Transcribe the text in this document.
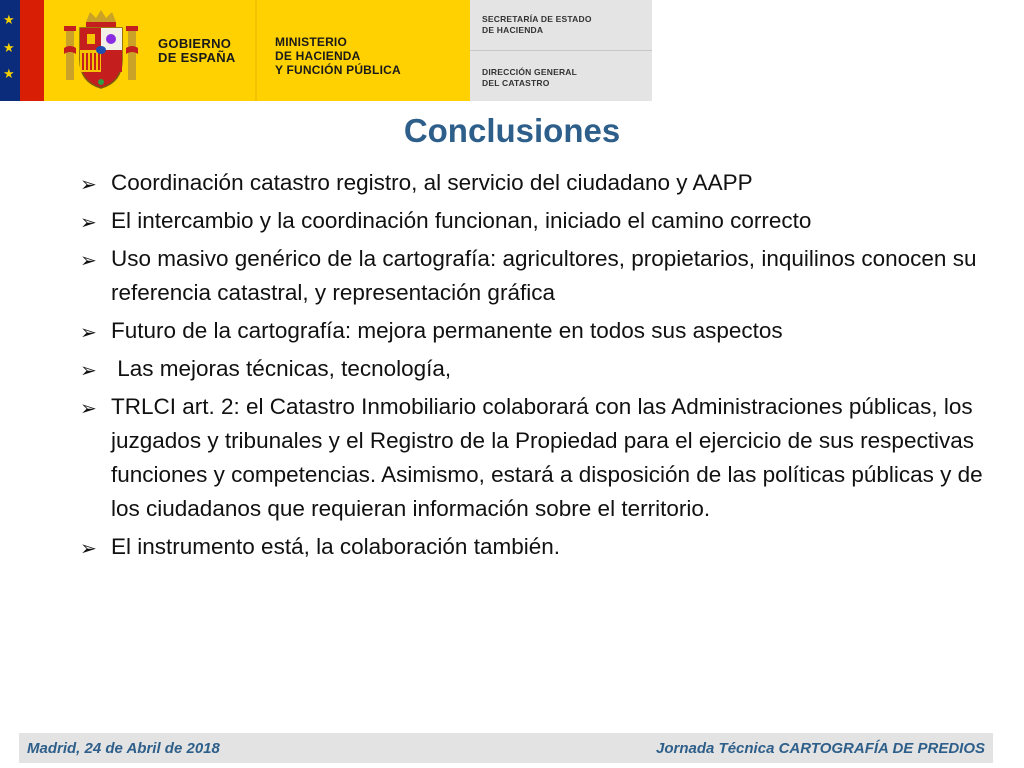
★
★
★
GOBIERNO
DE ESPAÑA
MINISTERIO
DE HACIENDA
Y FUNCIÓN PÚBLICA
SECRETARÍA DE ESTADO
DE HACIENDA
DIRECCIÓN GENERAL
DEL CATASTRO
Conclusiones
➢ Coordinación catastro registro, al servicio del ciudadano y AAPP
➢ El intercambio y la coordinación funcionan, iniciado el camino correcto
➢ Uso masivo genérico de la cartografía: agricultores, propietarios, inquilinos conocen su referencia catastral, y representación gráfica
➢ Futuro de la cartografía: mejora permanente en todos sus aspectos
➢ Las mejoras técnicas, tecnología,
➢ TRLCI art. 2: el Catastro Inmobiliario colaborará con las Administraciones públicas, los juzgados y tribunales y el Registro de la Propiedad para el ejercicio de sus respectivas funciones y competencias. Asimismo, estará a disposición de las políticas públicas y de los ciudadanos que requieran información sobre el territorio.
➢ El instrumento está, la colaboración también.
Madrid, 24 de Abril de 2018	Jornada Técnica CARTOGRAFÍA DE PREDIOS
